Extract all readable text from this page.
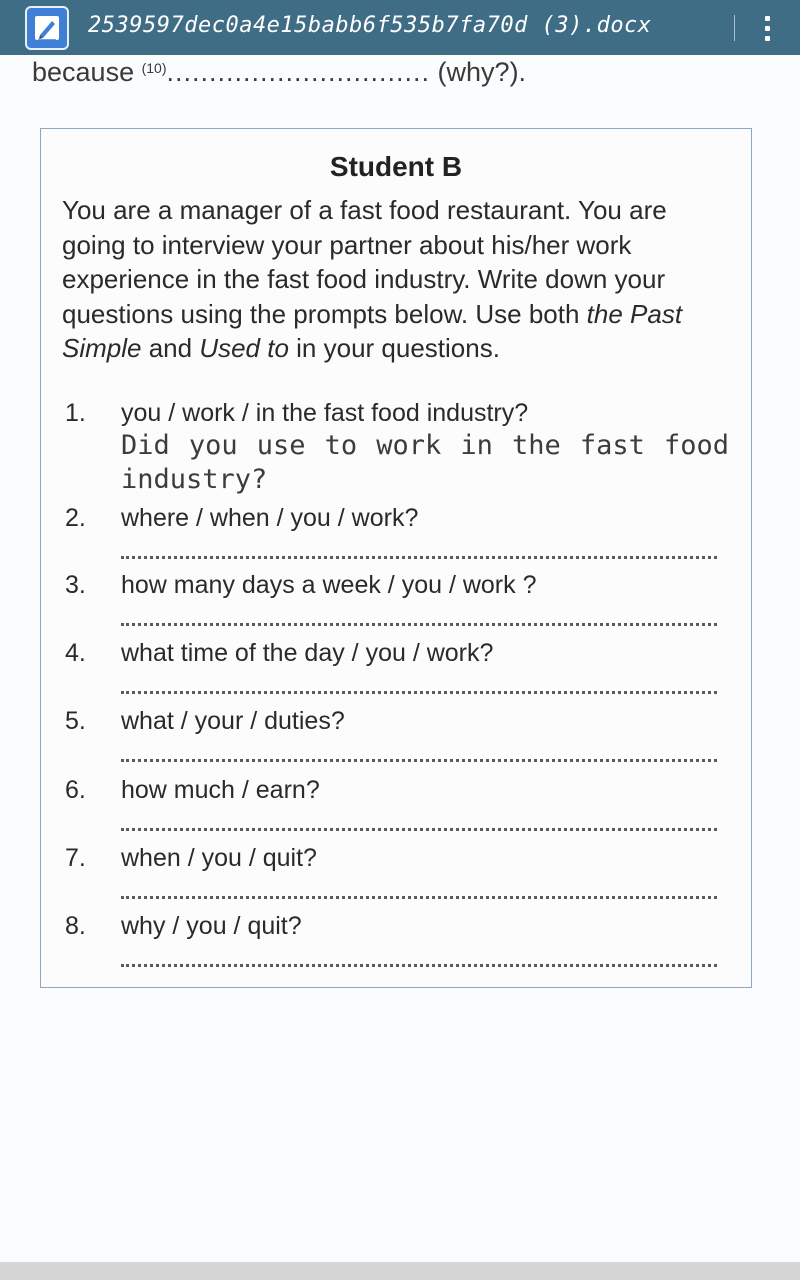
2539597dec0a4e15babb6f535b7fa70d (3).docx
because $^{(10)}$............................... (why?).
Student B
You are a manager of a fast food restaurant. You are going to interview your partner about his/her work experience in the fast food industry. Write down your questions using the prompts below. Use both the Past Simple and Used to in your questions.
1. you / work / in the fast food industry?
Did you use to work in the fast food industry?
2. where / when / you / work?
3. how many days a week / you / work ?
4. what time of the day / you / work?
5. what / your / duties?
6. how much / earn?
7. when / you / quit?
8. why / you / quit?
